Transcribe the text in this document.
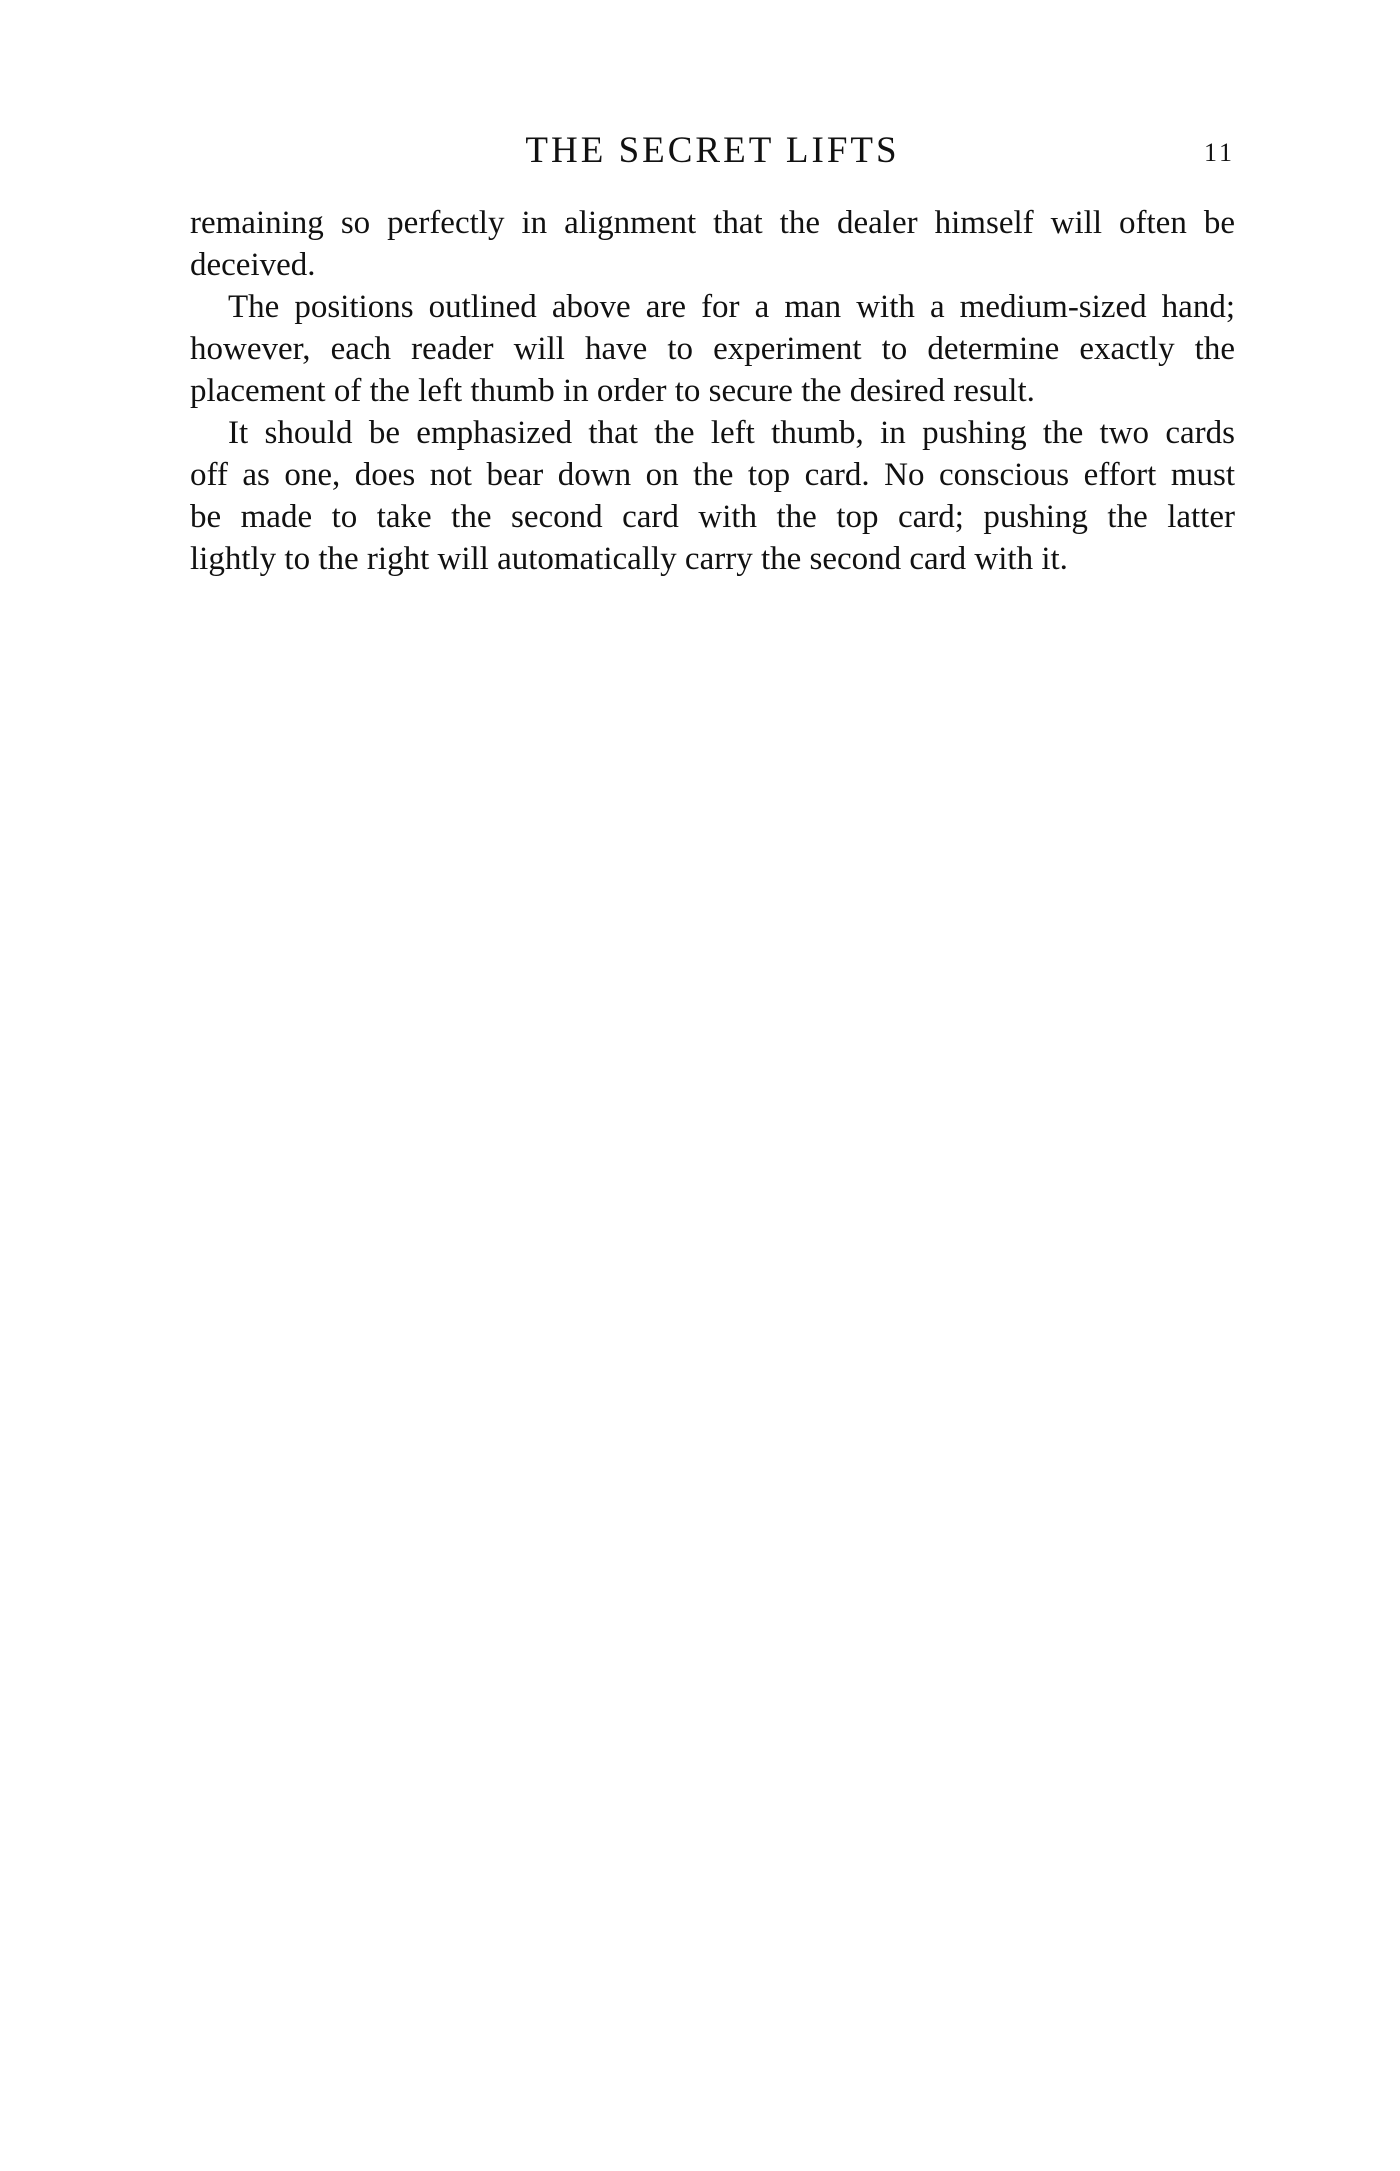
THE SECRET LIFTS	11
remaining so perfectly in alignment that the dealer himself will often be
deceived.
The positions outlined above are for a man with a medium-sized hand;
however, each reader will have to experiment to determine exactly the
placement of the left thumb in order to secure the desired result.
It should be emphasized that the left thumb, in pushing the two cards
off as one, does not bear down on the top card. No conscious effort must
be made to take the second card with the top card; pushing the latter
lightly to the right will automatically carry the second card with it.
